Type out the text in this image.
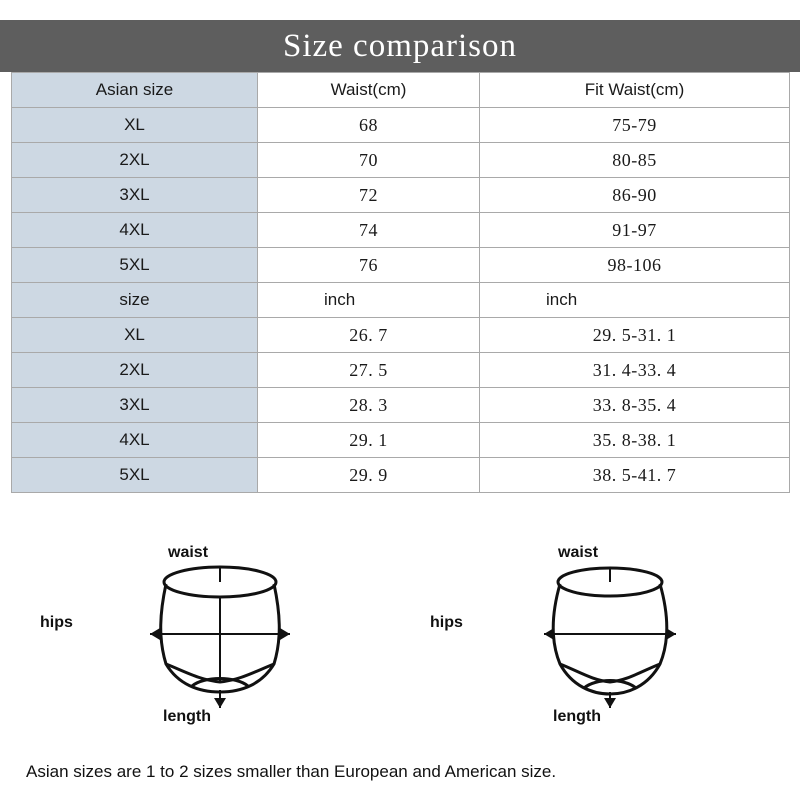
Size comparison
Asian size	Waist(cm)	Fit Waist(cm)
XL	68	75-79
2XL	70	80-85
3XL	72	86-90
4XL	74	91-97
5XL	76	98-106
size	inch	inch
XL	26. 7	29. 5-31. 1
2XL	27. 5	31. 4-33. 4
3XL	28. 3	33. 8-35. 4
4XL	29. 1	35. 8-38. 1
5XL	29. 9	38. 5-41. 7
waist
hips
length
waist
hips
length
Asian sizes are 1 to 2 sizes smaller than European and American size.
